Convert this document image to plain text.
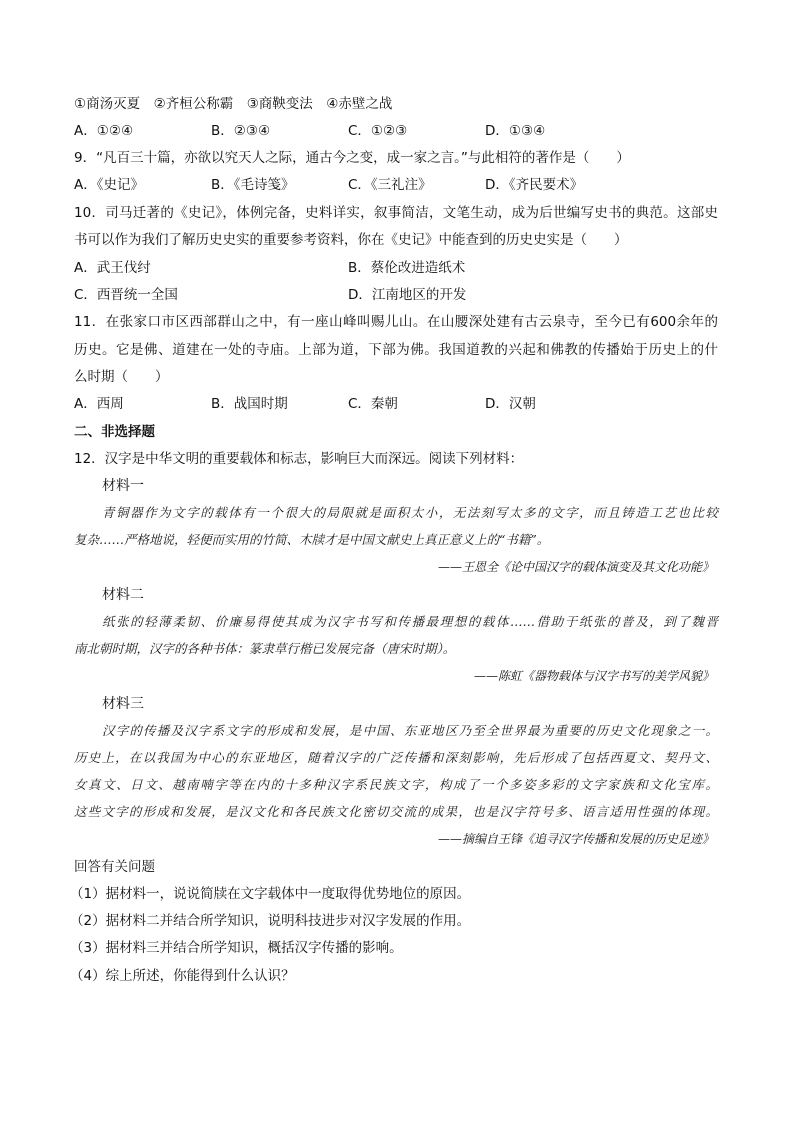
①商汤灭夏　②齐桓公称霸　③商鞅变法　④赤壁之战
A．①②④	B．②③④	C．①②③	D．①③④
9．“凡百三十篇，亦欲以究天人之际，通古今之变，成一家之言。”与此相符的著作是（　　）
A．《史记》	B．《毛诗笺》	C．《三礼注》	D．《齐民要术》
10．司马迁著的《史记》，体例完备，史料详实，叙事简洁，文笔生动，成为后世编写史书的典范。这部史
书可以作为我们了解历史史实的重要参考资料，你在《史记》中能查到的历史史实是（　　）
A．武王伐纣	B．蔡伦改进造纸术
C．西晋统一全国	D．江南地区的开发
11．在张家口市区西部群山之中，有一座山峰叫赐儿山。在山腰深处建有古云泉寺，至今已有600余年的
历史。它是佛、道建在一处的寺庙。上部为道，下部为佛。我国道教的兴起和佛教的传播始于历史上的什
么时期（　　）
A．西周	B．战国时期	C．秦朝	D．汉朝
二、非选择题
12．汉字是中华文明的重要载体和标志，影响巨大而深远。阅读下列材料：
材料一
青铜器作为文字的载体有一个很大的局限就是面积太小，无法刻写太多的文字，而且铸造工艺也比较
复杂……严格地说，轻便而实用的竹简、木牍才是中国文献史上真正意义上的“书籍”。
——王恩全《论中国汉字的载体演变及其文化功能》
材料二
纸张的轻薄柔韧、价廉易得使其成为汉字书写和传播最理想的载体……借助于纸张的普及，到了魏晋
南北朝时期，汉字的各种书体：篆隶草行楷已发展完备（唐宋时期）。
——陈虹《器物载体与汉字书写的美学风貌》
材料三
汉字的传播及汉字系文字的形成和发展，是中国、东亚地区乃至全世界最为重要的历史文化现象之一。
历史上，在以我国为中心的东亚地区，随着汉字的广泛传播和深刻影响，先后形成了包括西夏文、契丹文、
女真文、日文、越南喃字等在内的十多种汉字系民族文字，构成了一个多姿多彩的文字家族和文化宝库。
这些文字的形成和发展，是汉文化和各民族文化密切交流的成果，也是汉字符号多、语言适用性强的体现。
——摘编自王锋《追寻汉字传播和发展的历史足迹》
回答有关问题
（1）据材料一，说说简牍在文字载体中一度取得优势地位的原因。
（2）据材料二并结合所学知识，说明科技进步对汉字发展的作用。
（3）据材料三并结合所学知识，概括汉字传播的影响。
（4）综上所述，你能得到什么认识？
